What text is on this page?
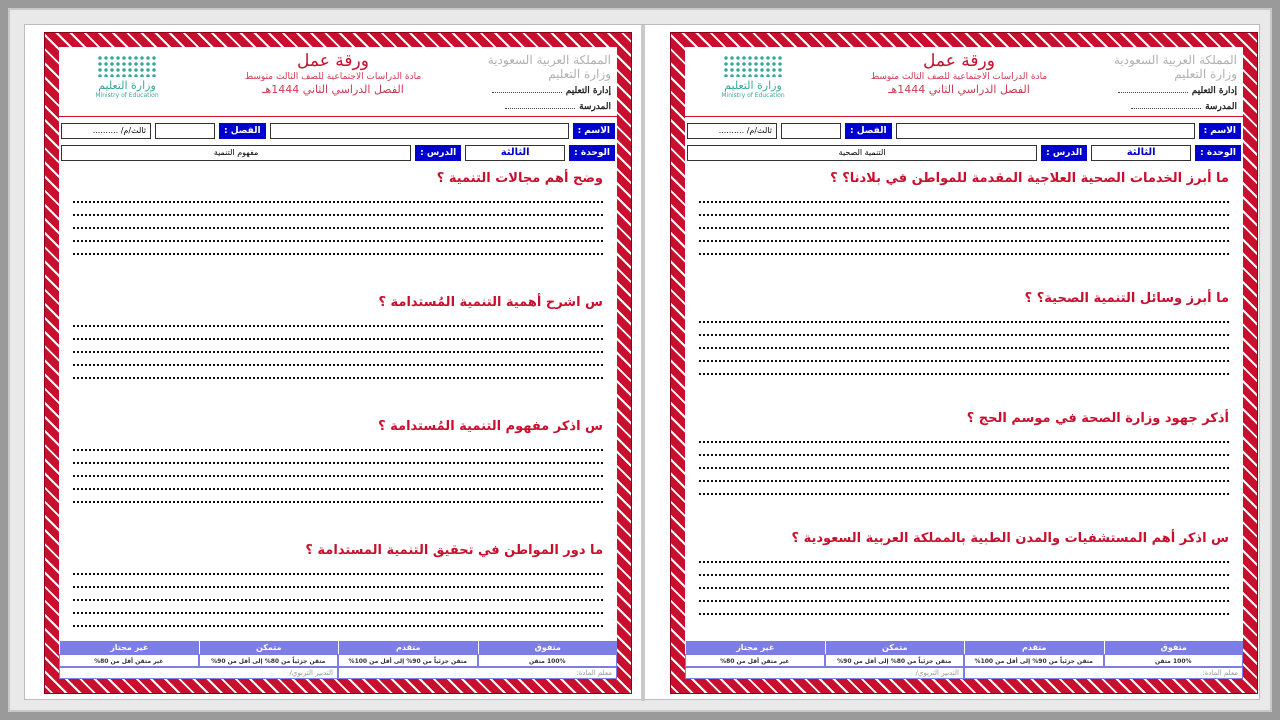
المملكة العربية السعودية
وزارة التعليم
إدارة التعليم
المدرسة
ورقة عمل
مادة الدراسات الاجتماعية للصف الثالث متوسط
الفصل الدراسي الثاني 1444هـ
وزارة التعليم
Ministry of Education
الاسم :
الفصل :
ثالث/م/ ..........
الوحدة :
الثالثة
الدرس :
مفهوم التنمية
وضح أهم مجالات التنمية ؟
س اشرح أهمية التنمية المُستدامة ؟
س اذكر مفهوم التنمية المُستدامة ؟
ما دور المواطن في تحقيق التنمية المستدامة ؟
متفوق
متقدم
متمكن
غير مجتاز
100% متقن
متقن جزئياً من 90% إلى أقل من 100%
متقن جزئياً من 80% إلى أقل من 90%
غير متقن أقل من 80%
معلم المادة:
التدبير التربوي/
المملكة العربية السعودية
وزارة التعليم
إدارة التعليم
المدرسة
ورقة عمل
مادة الدراسات الاجتماعية للصف الثالث متوسط
الفصل الدراسي الثاني 1444هـ
وزارة التعليم
Ministry of Education
الاسم :
الفصل :
ثالث/م/ ..........
الوحدة :
الثالثة
الدرس :
التنمية الصحية
ما أبرز الخدمات الصحية العلاجية المقدمة للمواطن في بلادنا؟ ؟
ما أبرز وسائل التنمية الصحية؟ ؟
أذكر جهود وزارة الصحة في موسم الحج ؟
س اذكر أهم المستشفيات والمدن الطبية بالمملكة العربية السعودية ؟
متفوق
متقدم
متمكن
غير مجتاز
100% متقن
متقن جزئياً من 90% إلى أقل من 100%
متقن جزئياً من 80% إلى أقل من 90%
غير متقن أقل من 80%
معلم المادة:
التدبير التربوي/
